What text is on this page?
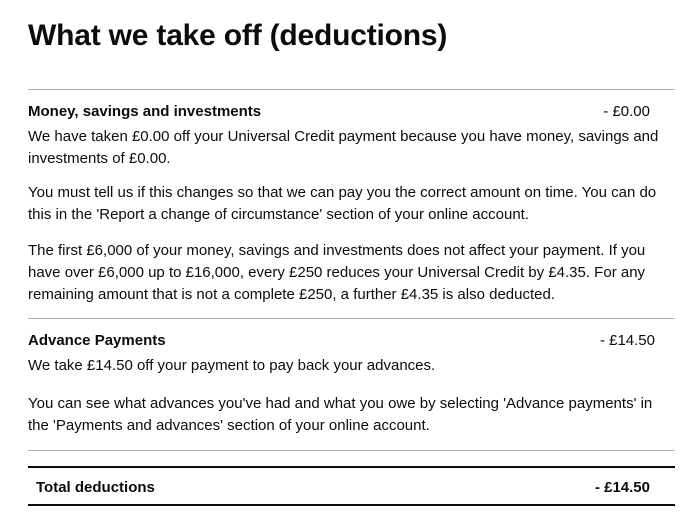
What we take off (deductions)
Money, savings and investments	- £0.00

We have taken £0.00 off your Universal Credit payment because you have money, savings and investments of £0.00.

You must tell us if this changes so that we can pay you the correct amount on time. You can do this in the 'Report a change of circumstance' section of your online account.

The first £6,000 of your money, savings and investments does not affect your payment. If you have over £6,000 up to £16,000, every £250 reduces your Universal Credit by £4.35. For any remaining amount that is not a complete £250, a further £4.35 is also deducted.

Advance Payments	- £14.50

We take £14.50 off your payment to pay back your advances.

You can see what advances you've had and what you owe by selecting 'Advance payments' in the 'Payments and advances' section of your online account.

Total deductions	- £14.50
